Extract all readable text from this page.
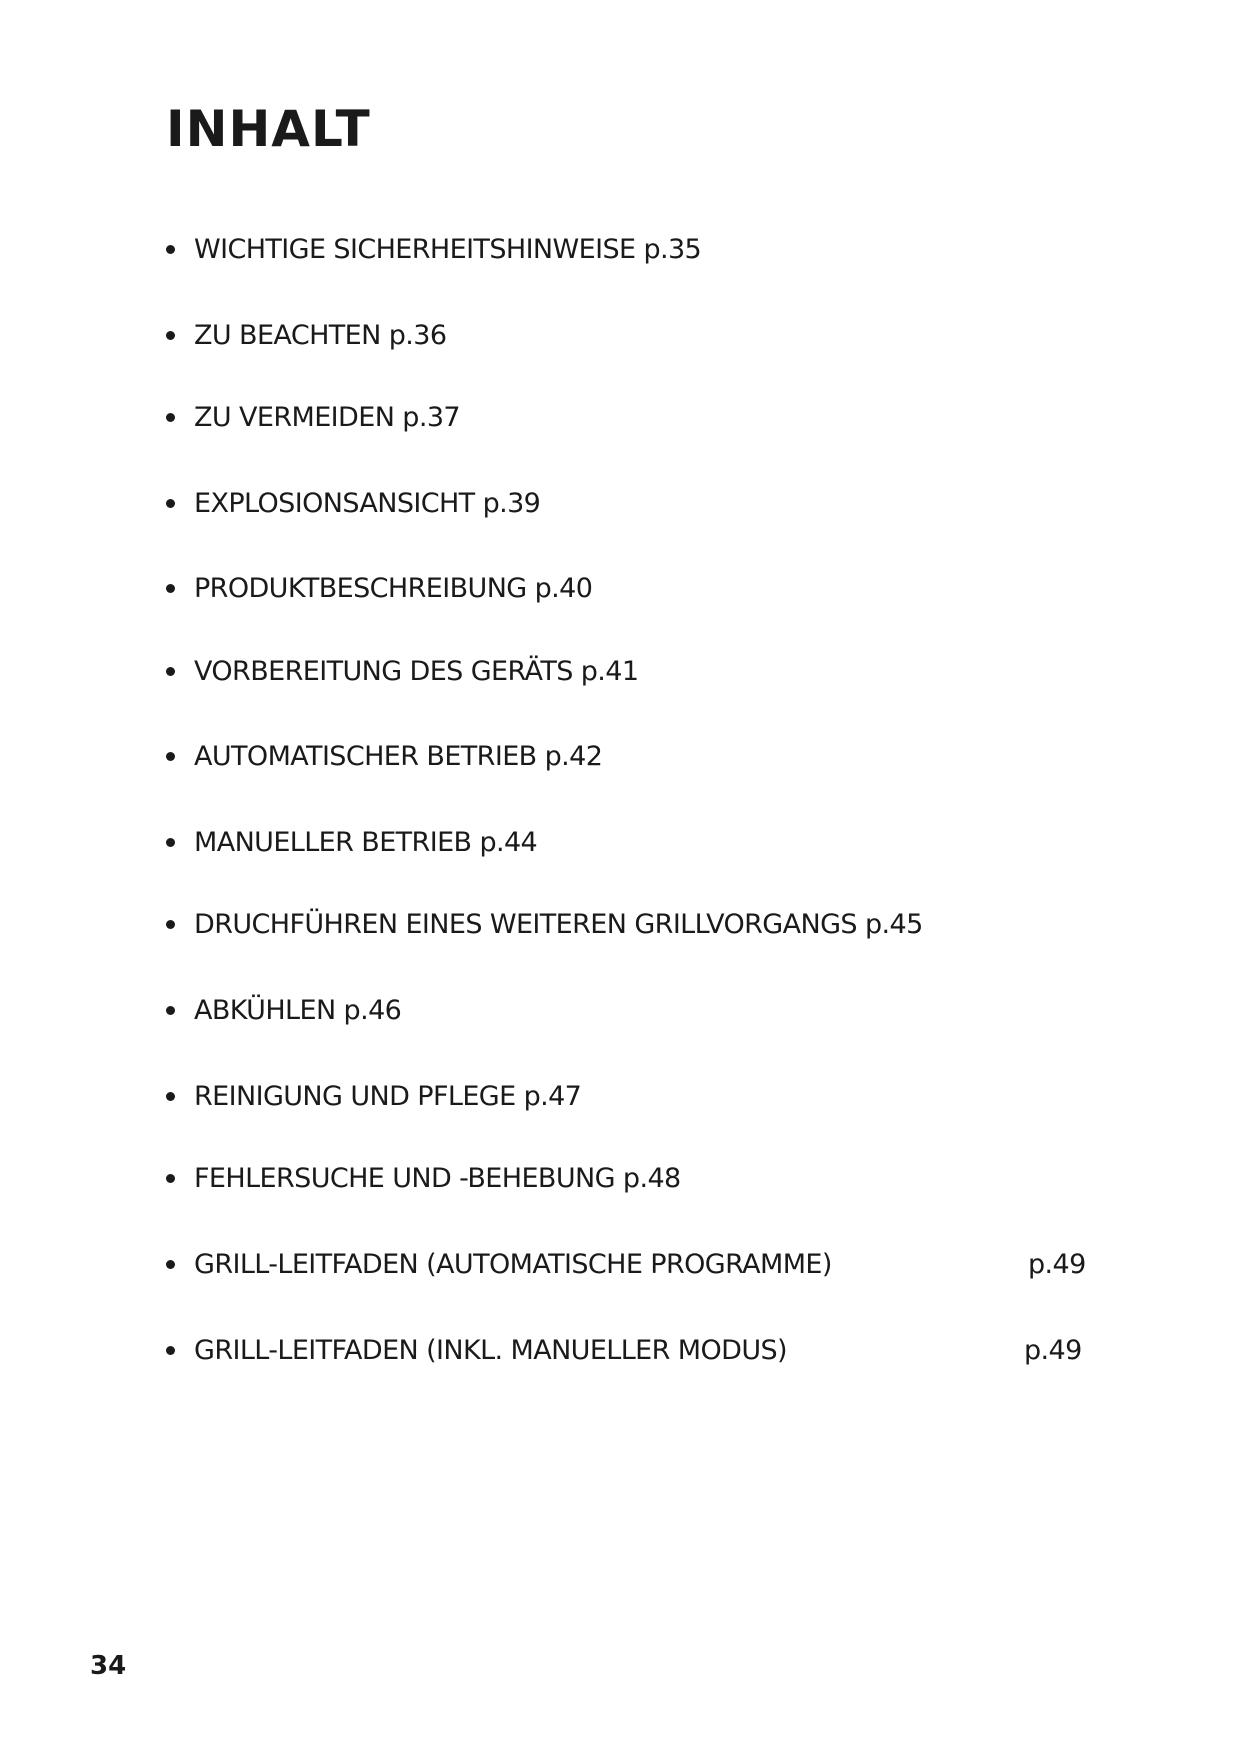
INHALT
WICHTIGE SICHERHEITSHINWEISE p.35
ZU BEACHTEN p.36
ZU VERMEIDEN p.37
EXPLOSIONSANSICHT p.39
PRODUKTBESCHREIBUNG p.40
VORBEREITUNG DES GERÄTS p.41
AUTOMATISCHER BETRIEB p.42
MANUELLER BETRIEB p.44
DRUCHFÜHREN EINES WEITEREN GRILLVORGANGS p.45
ABKÜHLEN p.46
REINIGUNG UND PFLEGE p.47
FEHLERSUCHE UND -BEHEBUNG p.48
GRILL-LEITFADEN (AUTOMATISCHE PROGRAMME)	p.49
GRILL-LEITFADEN (INKL. MANUELLER MODUS)	p.49
34
